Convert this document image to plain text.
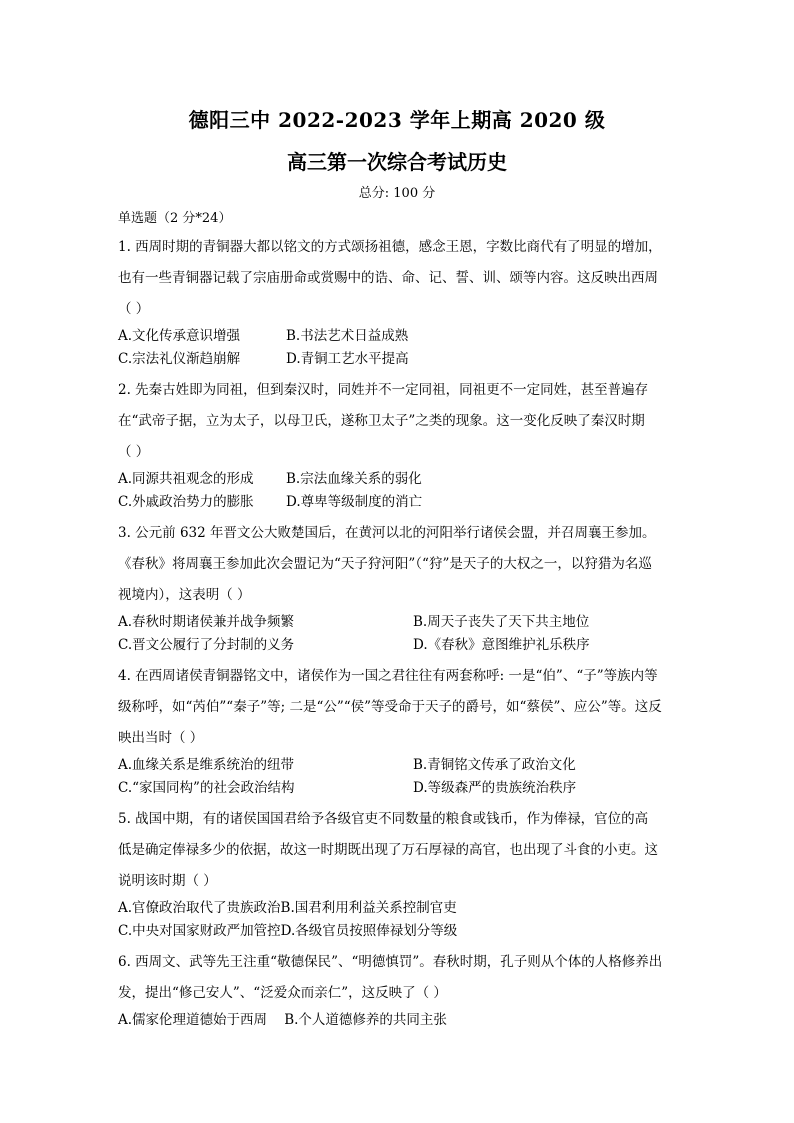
德阳三中 2022-2023 学年上期高 2020 级
高三第一次综合考试历史
总分: 100 分
单选题（2 分*24）
1. 西周时期的青铜器大都以铭文的方式颂扬祖德，感念王恩，字数比商代有了明显的增加，
也有一些青铜器记载了宗庙册命或赏赐中的诰、命、记、誓、训、颂等内容。这反映出西周
（ ）
A.文化传承意识增强	B.书法艺术日益成熟
C.宗法礼仪渐趋崩解	D.青铜工艺水平提高
2. 先秦古姓即为同祖，但到秦汉时，同姓并不一定同祖，同祖更不一定同姓，甚至普遍存
在“武帝子据，立为太子，以母卫氏，遂称卫太子”之类的现象。这一变化反映了秦汉时期
（ ）
A.同源共祖观念的形成 B.宗法血缘关系的弱化
C.外戚政治势力的膨胀 D.尊卑等级制度的消亡
3. 公元前 632 年晋文公大败楚国后，在黄河以北的河阳举行诸侯会盟，并召周襄王参加。
《春秋》将周襄王参加此次会盟记为“天子狩河阳”（“狩”是天子的大权之一，以狩猎为名巡
视境内），这表明（ ）
A.春秋时期诸侯兼并战争频繁	B.周天子丧失了天下共主地位
C.晋文公履行了分封制的义务	D.《春秋》意图维护礼乐秩序
4. 在西周诸侯青铜器铭文中，诸侯作为一国之君往往有两套称呼: 一是“伯”、“子”等族内等
级称呼，如“芮伯”“秦子”等; 二是“公”“侯”等受命于天子的爵号，如“蔡侯”、应公”等。这反
映出当时（ ）
A.血缘关系是维系统治的纽带	B.青铜铭文传承了政治文化
C.“家国同构”的社会政治结构	D.等级森严的贵族统治秩序
5. 战国中期，有的诸侯国国君给予各级官吏不同数量的粮食或钱币，作为俸禄，官位的高
低是确定俸禄多少的依据，故这一时期既出现了万石厚禄的高官，也出现了斗食的小吏。这
说明该时期（ ）
A.官僚政治取代了贵族政治B.国君利用利益关系控制官吏
C.中央对国家财政严加管控D.各级官员按照俸禄划分等级
6. 西周文、武等先王注重“敬德保民”、“明德慎罚”。春秋时期，孔子则从个体的人格修养出
发，提出“修己安人”、“泛爱众而亲仁”，这反映了（ ）
A.儒家伦理道德始于西周    B.个人道德修养的共同主张
